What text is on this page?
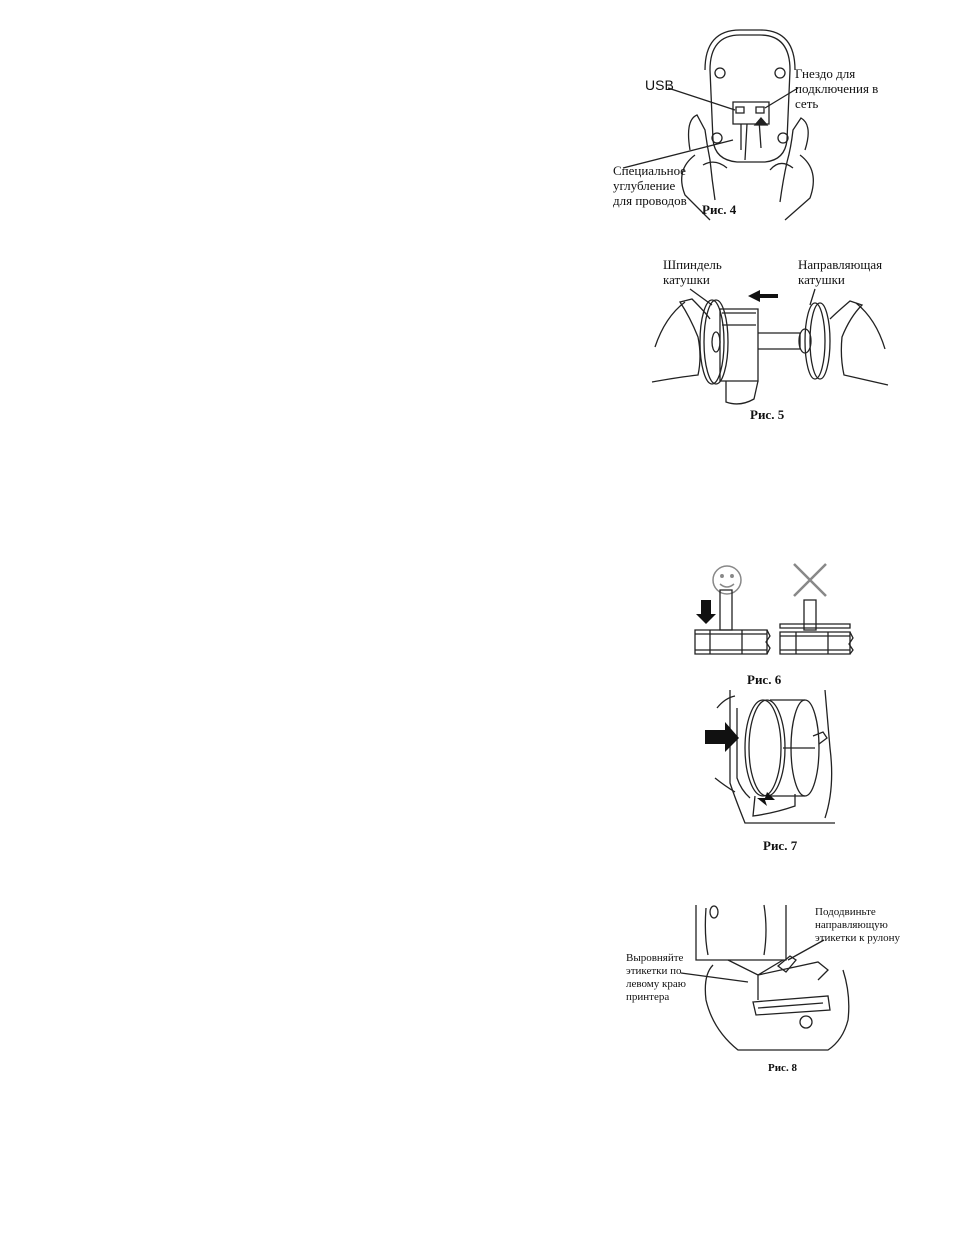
USB
Гнездо для
подключения в
сеть
Специальноe
углубление
для проводов
Рис. 4
Шпиндель
катушки
Направляющая
катушки
Рис. 5
Рис. 6
Рис. 7
Выровняйте
этикетки по
левому краю
принтера
Пододвиньте
направляющую
этикетки к рулону
Рис. 8
